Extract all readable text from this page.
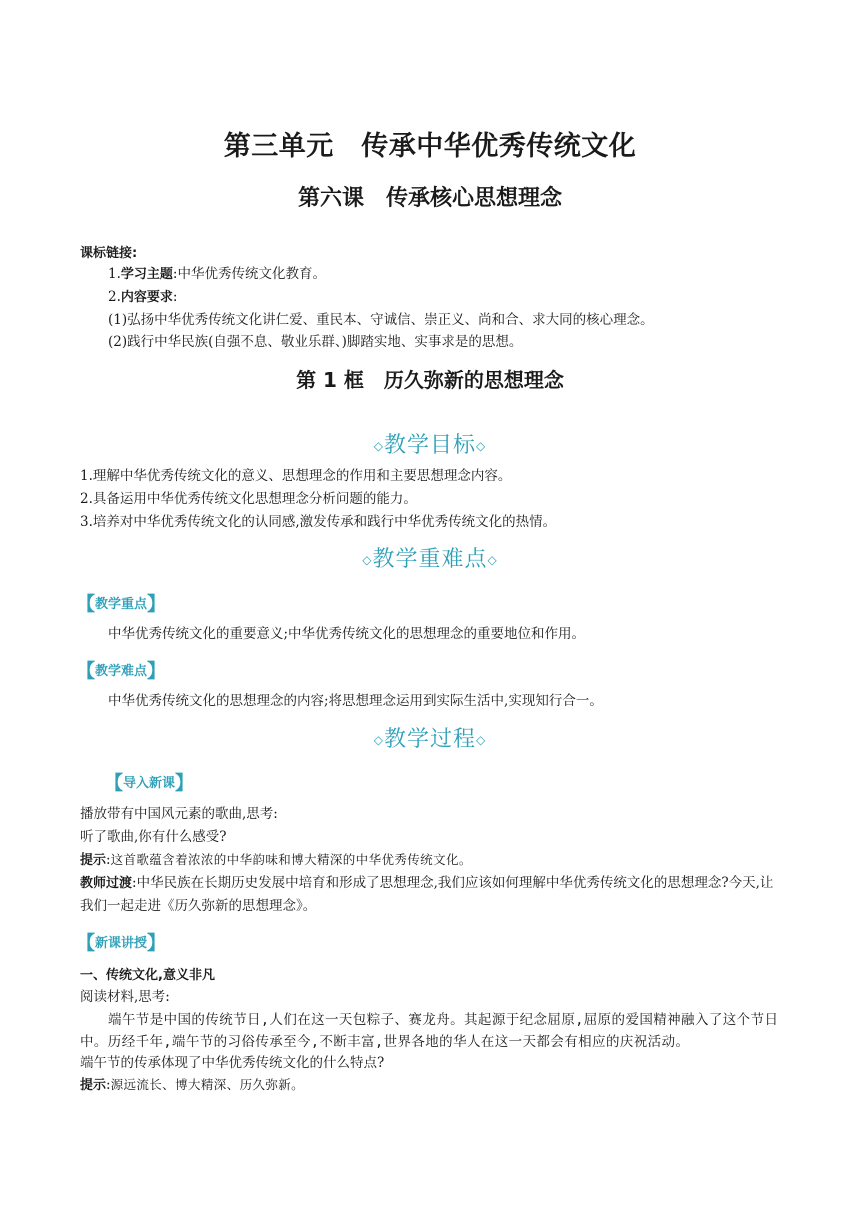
第三单元　传承中华优秀传统文化
第六课　传承核心思想理念
课标链接:
1.学习主题:中华优秀传统文化教育。
2.内容要求:
(1)弘扬中华优秀传统文化讲仁爱、重民本、守诚信、崇正义、尚和合、求大同的核心理念。
(2)践行中华民族(自强不息、敬业乐群、)脚踏实地、实事求是的思想。
第 1 框　历久弥新的思想理念
◇教学目标◇
1.理解中华优秀传统文化的意义、思想理念的作用和主要思想理念内容。
2.具备运用中华优秀传统文化思想理念分析问题的能力。
3.培养对中华优秀传统文化的认同感,激发传承和践行中华优秀传统文化的热情。
◇教学重难点◇
【教学重点】
中华优秀传统文化的重要意义;中华优秀传统文化的思想理念的重要地位和作用。
【教学难点】
中华优秀传统文化的思想理念的内容;将思想理念运用到实际生活中,实现知行合一。
◇教学过程◇
【导入新课】
播放带有中国风元素的歌曲,思考:
听了歌曲,你有什么感受?
提示:这首歌蕴含着浓浓的中华韵味和博大精深的中华优秀传统文化。
教师过渡:中华民族在长期历史发展中培育和形成了思想理念,我们应该如何理解中华优秀传统文化的思想理念?今天,让我们一起走进《历久弥新的思想理念》。
【新课讲授】
一、传统文化,意义非凡
阅读材料,思考:
端午节是中国的传统节日,人们在这一天包粽子、赛龙舟。其起源于纪念屈原,屈原的爱国精神融入了这个节日中。历经千年,端午节的习俗传承至今,不断丰富,世界各地的华人在这一天都会有相应的庆祝活动。
端午节的传承体现了中华优秀传统文化的什么特点?
提示:源远流长、博大精深、历久弥新。
